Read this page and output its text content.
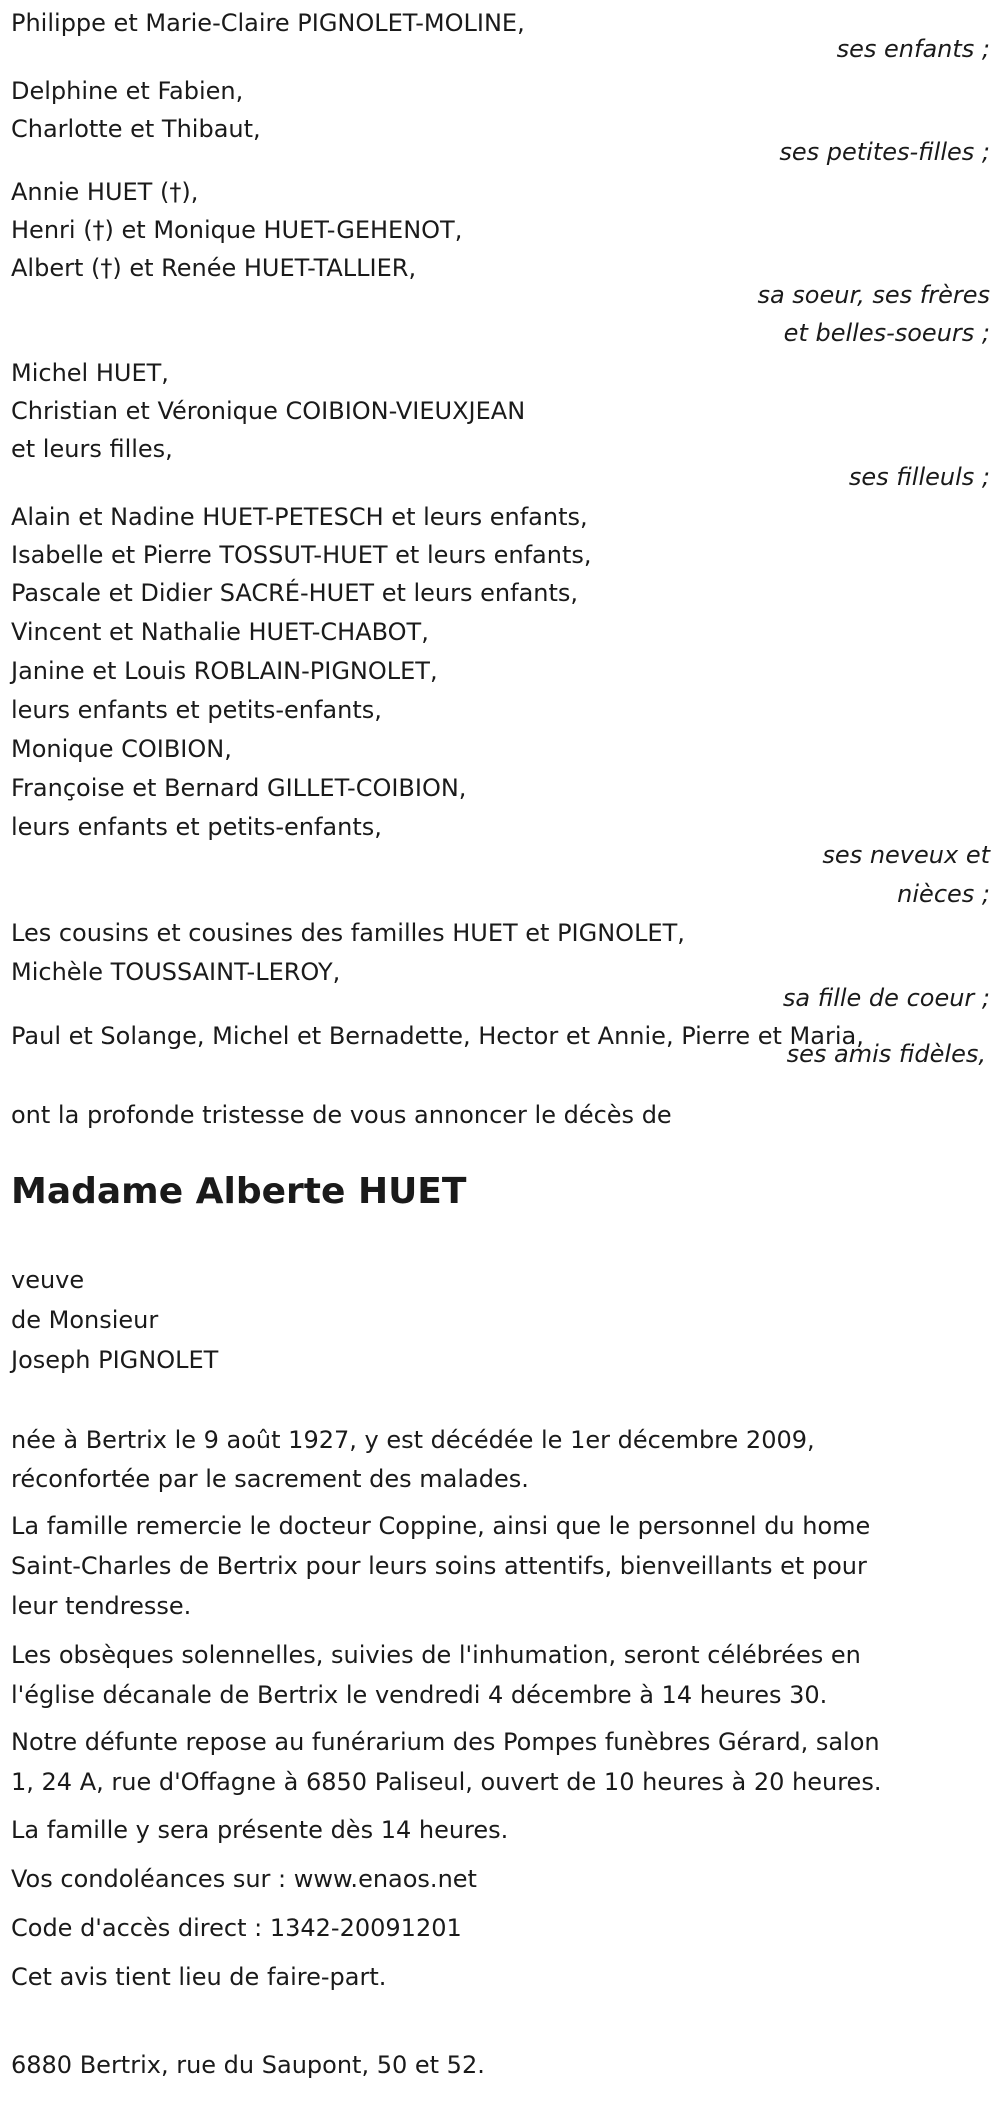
Philippe et Marie-Claire PIGNOLET-MOLINE,
ses enfants ;
Delphine et Fabien,
Charlotte et Thibaut,
ses petites-filles ;
Annie HUET (†),
Henri (†) et Monique HUET-GEHENOT,
Albert (†) et Renée HUET-TALLIER,
sa soeur, ses frères
et belles-soeurs ;
Michel HUET,
Christian et Véronique COIBION-VIEUXJEAN
et leurs filles,
ses filleuls ;
Alain et Nadine HUET-PETESCH et leurs enfants,
Isabelle et Pierre TOSSUT-HUET et leurs enfants,
Pascale et Didier SACRÉ-HUET et leurs enfants,
Vincent et Nathalie HUET-CHABOT,
Janine et Louis ROBLAIN-PIGNOLET,
leurs enfants et petits-enfants,
Monique COIBION,
Françoise et Bernard GILLET-COIBION,
leurs enfants et petits-enfants,
ses neveux et
nièces ;
Les cousins et cousines des familles HUET et PIGNOLET,
Michèle TOUSSAINT-LEROY,
sa fille de coeur ;
Paul et Solange, Michel et Bernadette, Hector et Annie, Pierre et Maria,
ses amis fidèles,
ont la profonde tristesse de vous annoncer le décès de
Madame Alberte HUET
veuve
de Monsieur
Joseph PIGNOLET
née à Bertrix le 9 août 1927, y est décédée le 1er décembre 2009,
réconfortée par le sacrement des malades.
La famille remercie le docteur Coppine, ainsi que le personnel du home
Saint-Charles de Bertrix pour leurs soins attentifs, bienveillants et pour
leur tendresse.
Les obsèques solennelles, suivies de l'inhumation, seront célébrées en
l'église décanale de Bertrix le vendredi 4 décembre à 14 heures 30.
Notre défunte repose au funérarium des Pompes funèbres Gérard, salon
1, 24 A, rue d'Offagne à 6850 Paliseul, ouvert de 10 heures à 20 heures.
La famille y sera présente dès 14 heures.
Vos condoléances sur : www.enaos.net
Code d'accès direct : 1342-20091201
Cet avis tient lieu de faire-part.
6880 Bertrix, rue du Saupont, 50 et 52.
